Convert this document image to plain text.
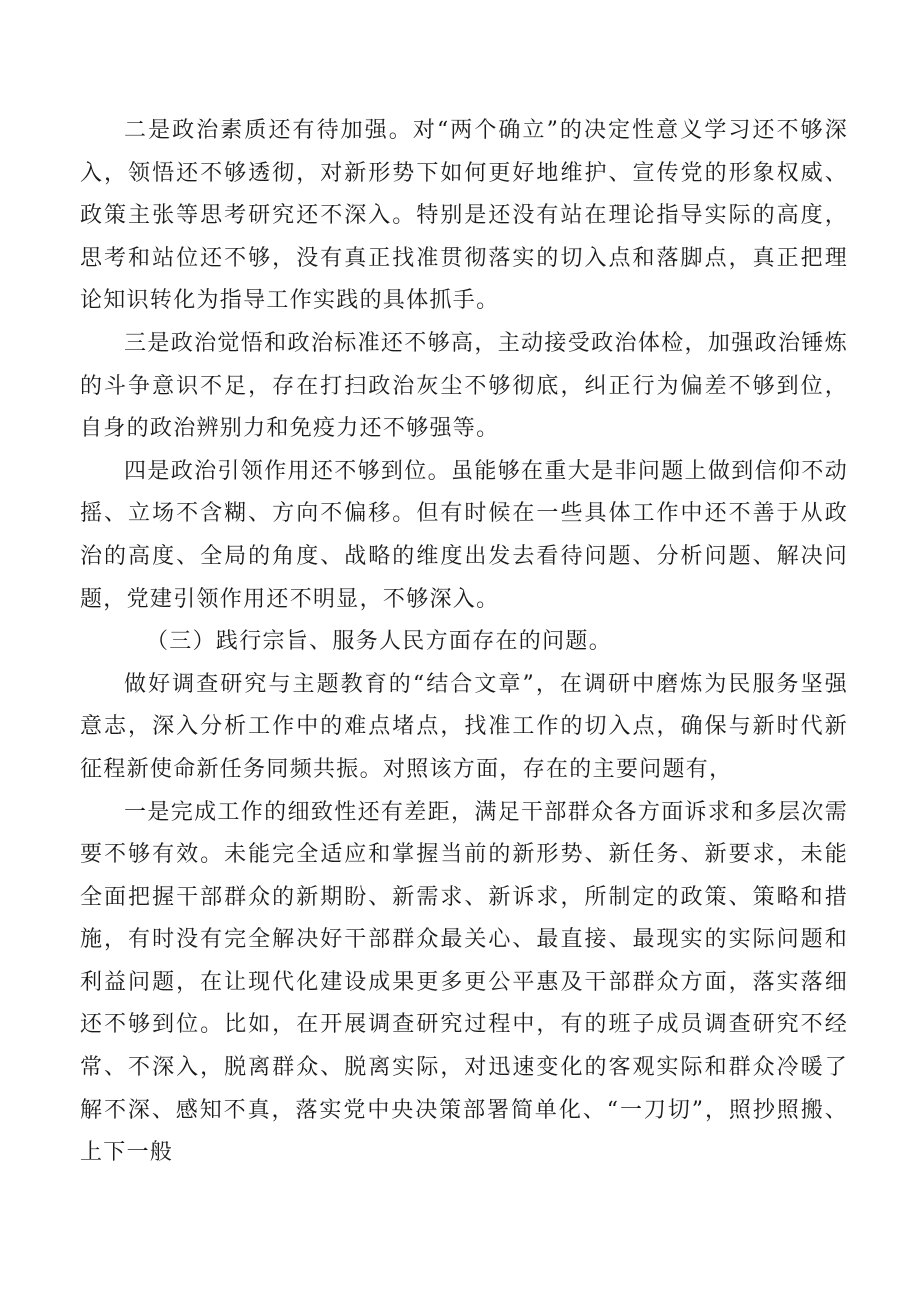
二是政治素质还有待加强。对“两个确立”的决定性意义学习还不够深入，领悟还不够透彻，对新形势下如何更好地维护、宣传党的形象权威、政策主张等思考研究还不深入。特别是还没有站在理论指导实际的高度，思考和站位还不够，没有真正找准贯彻落实的切入点和落脚点，真正把理论知识转化为指导工作实践的具体抓手。

三是政治觉悟和政治标准还不够高，主动接受政治体检，加强政治锤炼的斗争意识不足，存在打扫政治灰尘不够彻底，纠正行为偏差不够到位，自身的政治辨别力和免疫力还不够强等。

四是政治引领作用还不够到位。虽能够在重大是非问题上做到信仰不动摇、立场不含糊、方向不偏移。但有时候在一些具体工作中还不善于从政治的高度、全局的角度、战略的维度出发去看待问题、分析问题、解决问题，党建引领作用还不明显，不够深入。

（三）践行宗旨、服务人民方面存在的问题。

做好调查研究与主题教育的“结合文章”，在调研中磨炼为民服务坚强意志，深入分析工作中的难点堵点，找准工作的切入点，确保与新时代新征程新使命新任务同频共振。对照该方面，存在的主要问题有，

一是完成工作的细致性还有差距，满足干部群众各方面诉求和多层次需要不够有效。未能完全适应和掌握当前的新形势、新任务、新要求，未能全面把握干部群众的新期盼、新需求、新诉求，所制定的政策、策略和措施，有时没有完全解决好干部群众最关心、最直接、最现实的实际问题和利益问题，在让现代化建设成果更多更公平惠及干部群众方面，落实落细还不够到位。比如，在开展调查研究过程中，有的班子成员调查研究不经常、不深入，脱离群众、脱离实际，对迅速变化的客观实际和群众冷暖了解不深、感知不真，落实党中央决策部署简单化、“一刀切”，照抄照搬、上下一般
